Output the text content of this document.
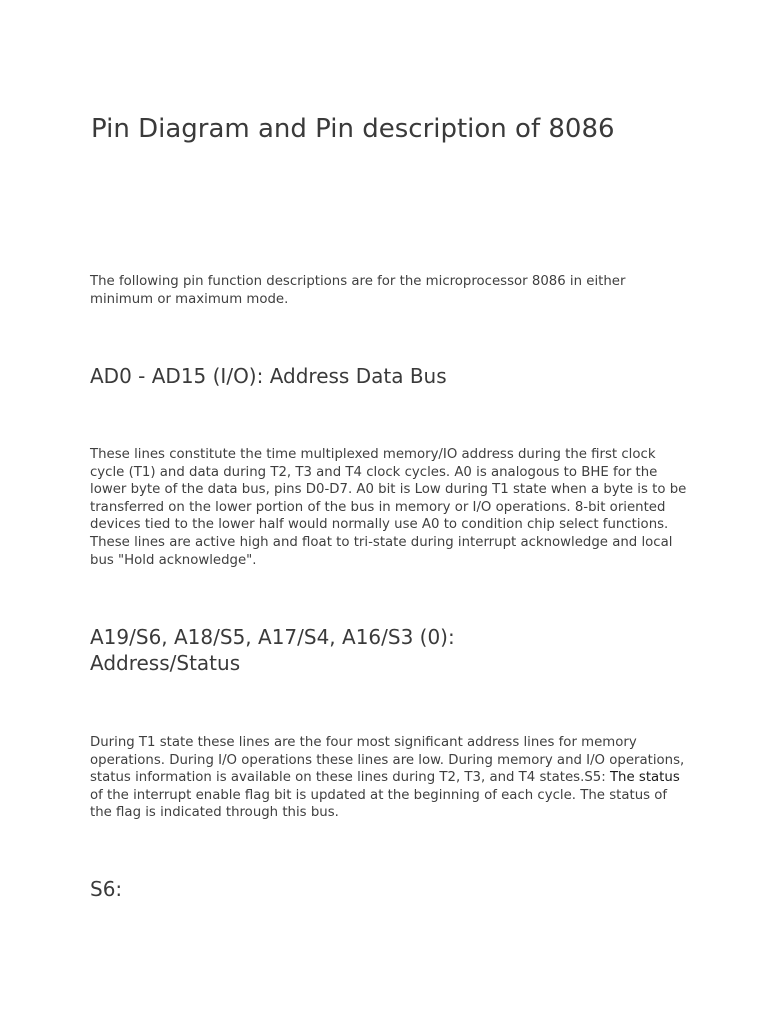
Pin Diagram and Pin description of 8086

The following pin function descriptions are for the microprocessor 8086 in either minimum or maximum mode.

AD0 - AD15 (I/O): Address Data Bus

These lines constitute the time multiplexed memory/IO address during the first clock cycle (T1) and data during T2, T3 and T4 clock cycles. A0 is analogous to BHE for the lower byte of the data bus, pins D0-D7. A0 bit is Low during T1 state when a byte is to be transferred on the lower portion of the bus in memory or I/O operations. 8-bit oriented devices tied to the lower half would normally use A0 to condition chip select functions. These lines are active high and float to tri-state during interrupt acknowledge and local bus "Hold acknowledge".

A19/S6, A18/S5, A17/S4, A16/S3 (0):
Address/Status

During T1 state these lines are the four most significant address lines for memory operations. During I/O operations these lines are low. During memory and I/O operations, status information is available on these lines during T2, T3, and T4 states.S5: The status of the interrupt enable flag bit is updated at the beginning of each cycle. The status of the flag is indicated through this bus.

S6:
